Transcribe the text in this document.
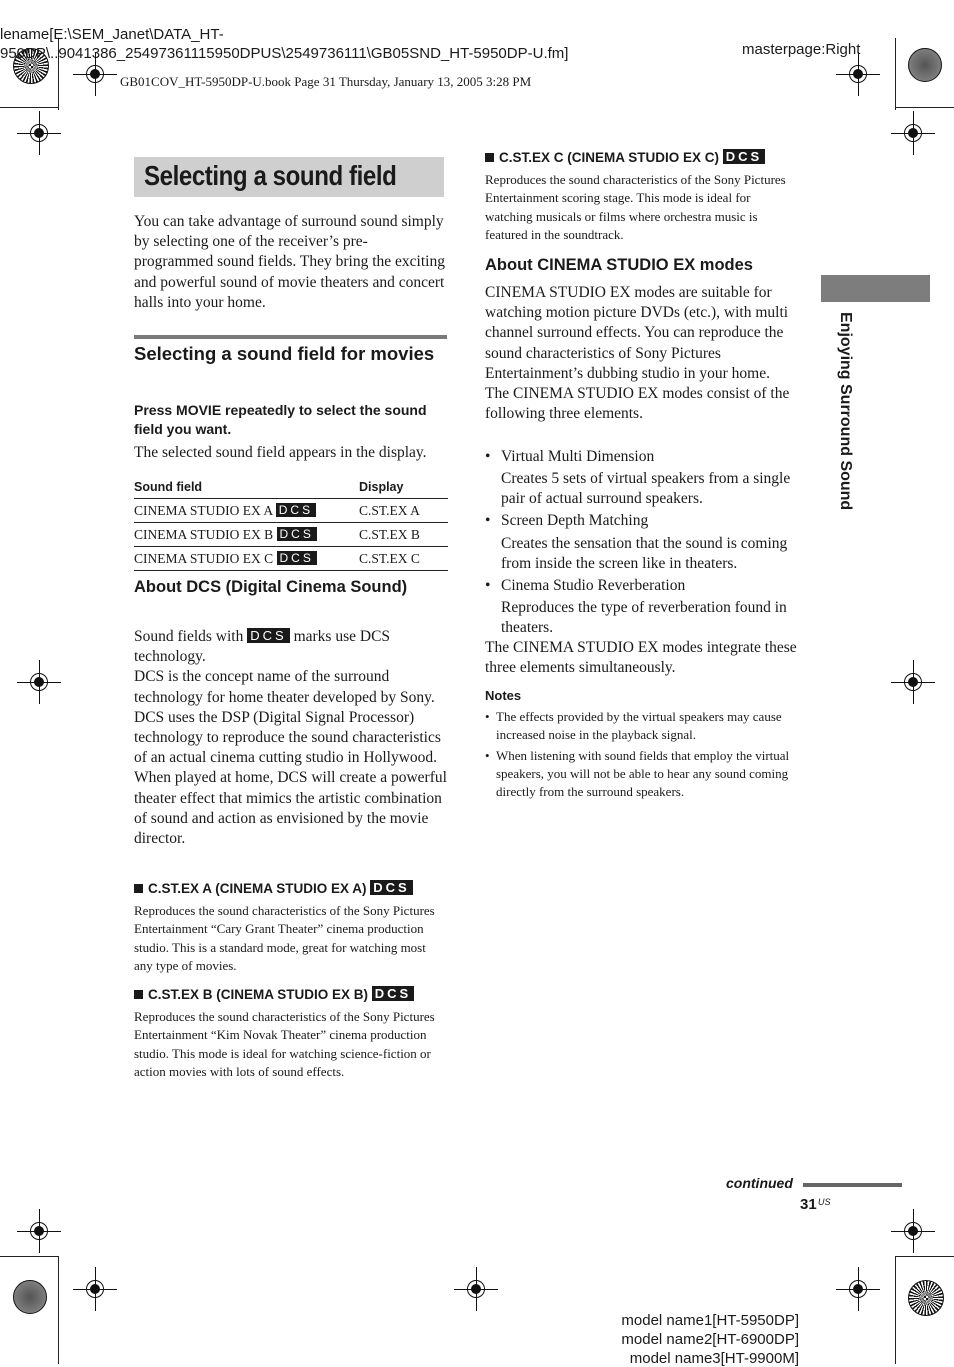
lename[E:\SEM_Janet\DATA_HT-
950DP\..9041386_25497361115950DPUS\2549736111\GB05SND_HT-5950DP-U.fm]	masterpage:Right
GB01COV_HT-5950DP-U.book Page 31 Thursday, January 13, 2005 3:28 PM
Selecting a sound field
You can take advantage of surround sound simply by selecting one of the receiver’s pre-programmed sound fields. They bring the exciting and powerful sound of movie theaters and concert halls into your home.
Selecting a sound field for movies
Press MOVIE repeatedly to select the sound field you want.
The selected sound field appears in the display.
Sound field	Display
CINEMA STUDIO EX A DCS	C.ST.EX A
CINEMA STUDIO EX B DCS	C.ST.EX B
CINEMA STUDIO EX C DCS	C.ST.EX C
About DCS (Digital Cinema Sound)
Sound fields with DCS marks use DCS technology.
DCS is the concept name of the surround technology for home theater developed by Sony. DCS uses the DSP (Digital Signal Processor) technology to reproduce the sound characteristics of an actual cinema cutting studio in Hollywood.
When played at home, DCS will create a powerful theater effect that mimics the artistic combination of sound and action as envisioned by the movie director.
C.ST.EX A (CINEMA STUDIO EX A) DCS
Reproduces the sound characteristics of the Sony Pictures Entertainment “Cary Grant Theater” cinema production studio. This is a standard mode, great for watching most any type of movies.
C.ST.EX B (CINEMA STUDIO EX B) DCS
Reproduces the sound characteristics of the Sony Pictures Entertainment “Kim Novak Theater” cinema production studio. This mode is ideal for watching science-fiction or action movies with lots of sound effects.
C.ST.EX C (CINEMA STUDIO EX C) DCS
Reproduces the sound characteristics of the Sony Pictures Entertainment scoring stage. This mode is ideal for watching musicals or films where orchestra music is featured in the soundtrack.
About CINEMA STUDIO EX modes
CINEMA STUDIO EX modes are suitable for watching motion picture DVDs (etc.), with multi channel surround effects. You can reproduce the sound characteristics of Sony Pictures Entertainment’s dubbing studio in your home.
The CINEMA STUDIO EX modes consist of the following three elements.
• Virtual Multi Dimension
Creates 5 sets of virtual speakers from a single pair of actual surround speakers.
• Screen Depth Matching
Creates the sensation that the sound is coming from inside the screen like in theaters.
• Cinema Studio Reverberation
Reproduces the type of reverberation found in theaters.
The CINEMA STUDIO EX modes integrate these three elements simultaneously.
Notes
• The effects provided by the virtual speakers may cause increased noise in the playback signal.
• When listening with sound fields that employ the virtual speakers, you will not be able to hear any sound coming directly from the surround speakers.
Enjoying Surround Sound
continued
31 US
model name1[HT-5950DP]
model name2[HT-6900DP]
model name3[HT-9900M]
